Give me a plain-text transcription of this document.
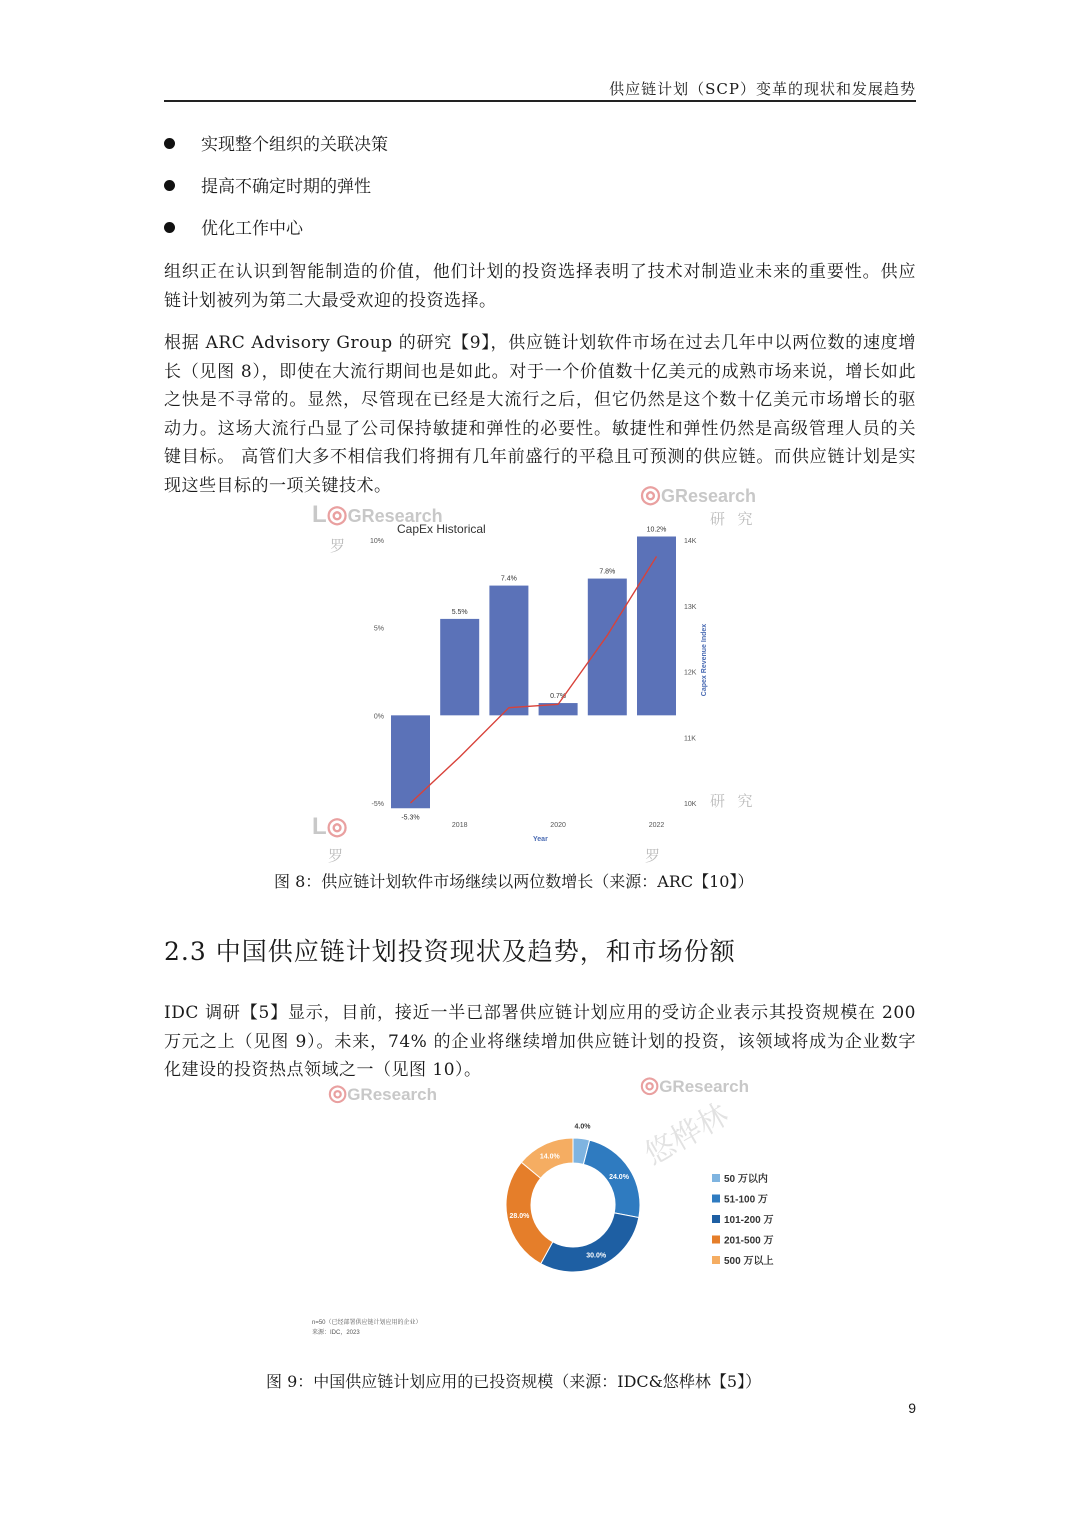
供应链计划（SCP）变革的现状和发展趋势
实现整个组织的关联决策
提高不确定时期的弹性
优化工作中心
组织正在认识到智能制造的价值，他们计划的投资选择表明了技术对制造业未来的重要性。供应链计划被列为第二大最受欢迎的投资选择。
根据 ARC Advisory Group 的研究【9】，供应链计划软件市场在过去几年中以两位数的速度增长（见图 8），即使在大流行期间也是如此。对于一个价值数十亿美元的成熟市场来说，增长如此之快是不寻常的。显然，尽管现在已经是大流行之后，但它仍然是这个数十亿美元市场增长的驱动力。这场大流行凸显了公司保持敏捷和弹性的必要性。敏捷性和弹性仍然是高级管理人员的关键目标。 高管们大多不相信我们将拥有几年前盛行的平稳且可预测的供应链。而供应链计划是实现这些目标的一项关键技术。
L◎GResearch
◎GResearch
研 究
罗
L◎
研 究
罗	罗
CapEx Historical
10%
5%
0%
-5%
14K
13K
12K
11K
10K
-5.3%
5.5%
7.4%
0.7%
7.8%
10.2%
2018	2020	2022
Year
Capex Revenue Index
图 8：供应链计划软件市场继续以两位数增长（来源：ARC【10】）
2.3 中国供应链计划投资现状及趋势，和市场份额
IDC 调研【5】显示，目前，接近一半已部署供应链计划应用的受访企业表示其投资规模在 200 万元之上（见图 9）。未来，74% 的企业将继续增加供应链计划的投资，该领域将成为企业数字化建设的投资热点领域之一（见图 10）。
◎GResearch	◎GResearch
悠桦林
4.0%
24.0%
30.0%
28.0%
14.0%
50 万以内
51-100 万
101-200 万
201-500 万
500 万以上
n=50（已经部署供应链计划应用的企业）
来源：IDC，2023
图 9：中国供应链计划应用的已投资规模（来源：IDC&悠桦林【5】）
9
